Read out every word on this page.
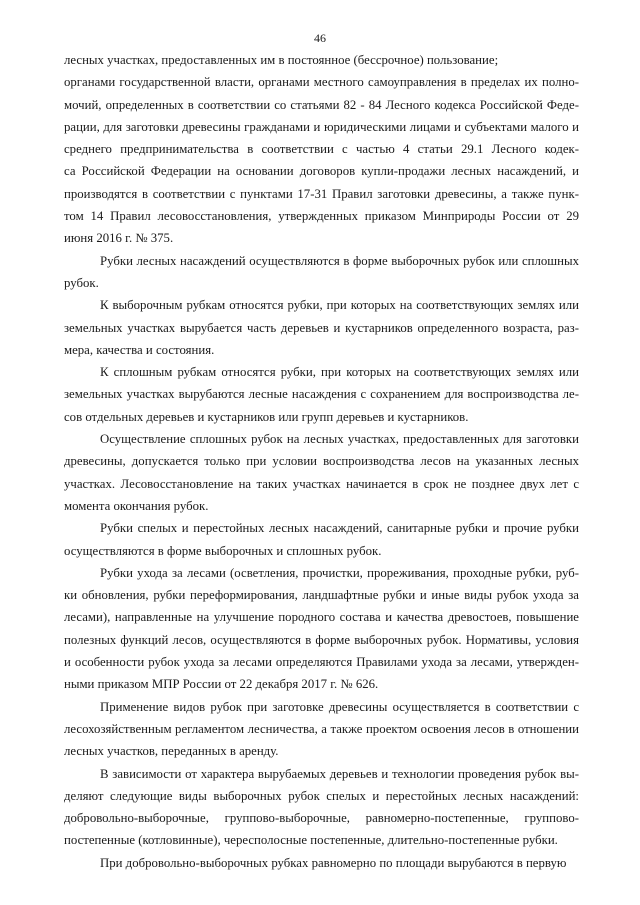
46
лесных участках, предоставленных им в постоянное (бессрочное) пользование;
органами государственной власти, органами местного самоуправления в пределах их полно-
мочий, определенных в соответствии со статьями 82 - 84 Лесного кодекса Российской Феде-
рации, для заготовки древесины гражданами и юридическими лицами и субъектами малого и
среднего предпринимательства в соответствии с частью 4 статьи 29.1 Лесного кодек-
са Российской Федерации на основании договоров купли-продажи лесных насаждений, и
производятся в соответствии с пунктами 17-31 Правил заготовки древесины, а также пунк-
том 14 Правил лесовосстановления, утвержденных приказом Минприроды России от 29
июня 2016 г. № 375.
Рубки лесных насаждений осуществляются в форме выборочных рубок или сплошных
рубок.
К выборочным рубкам относятся рубки, при которых на соответствующих землях или
земельных участках вырубается часть деревьев и кустарников определенного возраста, раз-
мера, качества и состояния.
К сплошным рубкам относятся рубки, при которых на соответствующих землях или
земельных участках вырубаются лесные насаждения с сохранением для воспроизводства ле-
сов отдельных деревьев и кустарников или групп деревьев и кустарников.
Осуществление сплошных рубок на лесных участках, предоставленных для заготовки
древесины, допускается только при условии воспроизводства лесов на указанных лесных
участках. Лесовосстановление на таких участках начинается в срок не позднее двух лет с
момента окончания рубок.
Рубки спелых и перестойных лесных насаждений, санитарные рубки и прочие рубки
осуществляются в форме выборочных и сплошных рубок.
Рубки ухода за лесами (осветления, прочистки, прореживания, проходные рубки, руб-
ки обновления, рубки переформирования, ландшафтные рубки и иные виды рубок ухода за
лесами), направленные на улучшение породного состава и качества древостоев, повышение
полезных функций лесов, осуществляются в форме выборочных рубок. Нормативы, условия
и особенности рубок ухода за лесами определяются Правилами ухода за лесами, утвержден-
ными приказом МПР России от 22 декабря 2017 г. № 626.
Применение видов рубок при заготовке древесины осуществляется в соответствии с
лесохозяйственным регламентом лесничества, а также проектом освоения лесов в отношении
лесных участков, переданных в аренду.
В зависимости от характера вырубаемых деревьев и технологии проведения рубок вы-
деляют следующие виды выборочных рубок спелых и перестойных лесных насаждений:
добровольно-выборочные, группово-выборочные, равномерно-постепенные, группово-
постепенные (котловинные), чересполосные постепенные, длительно-постепенные рубки.
При добровольно-выборочных рубках равномерно по площади вырубаются в первую
